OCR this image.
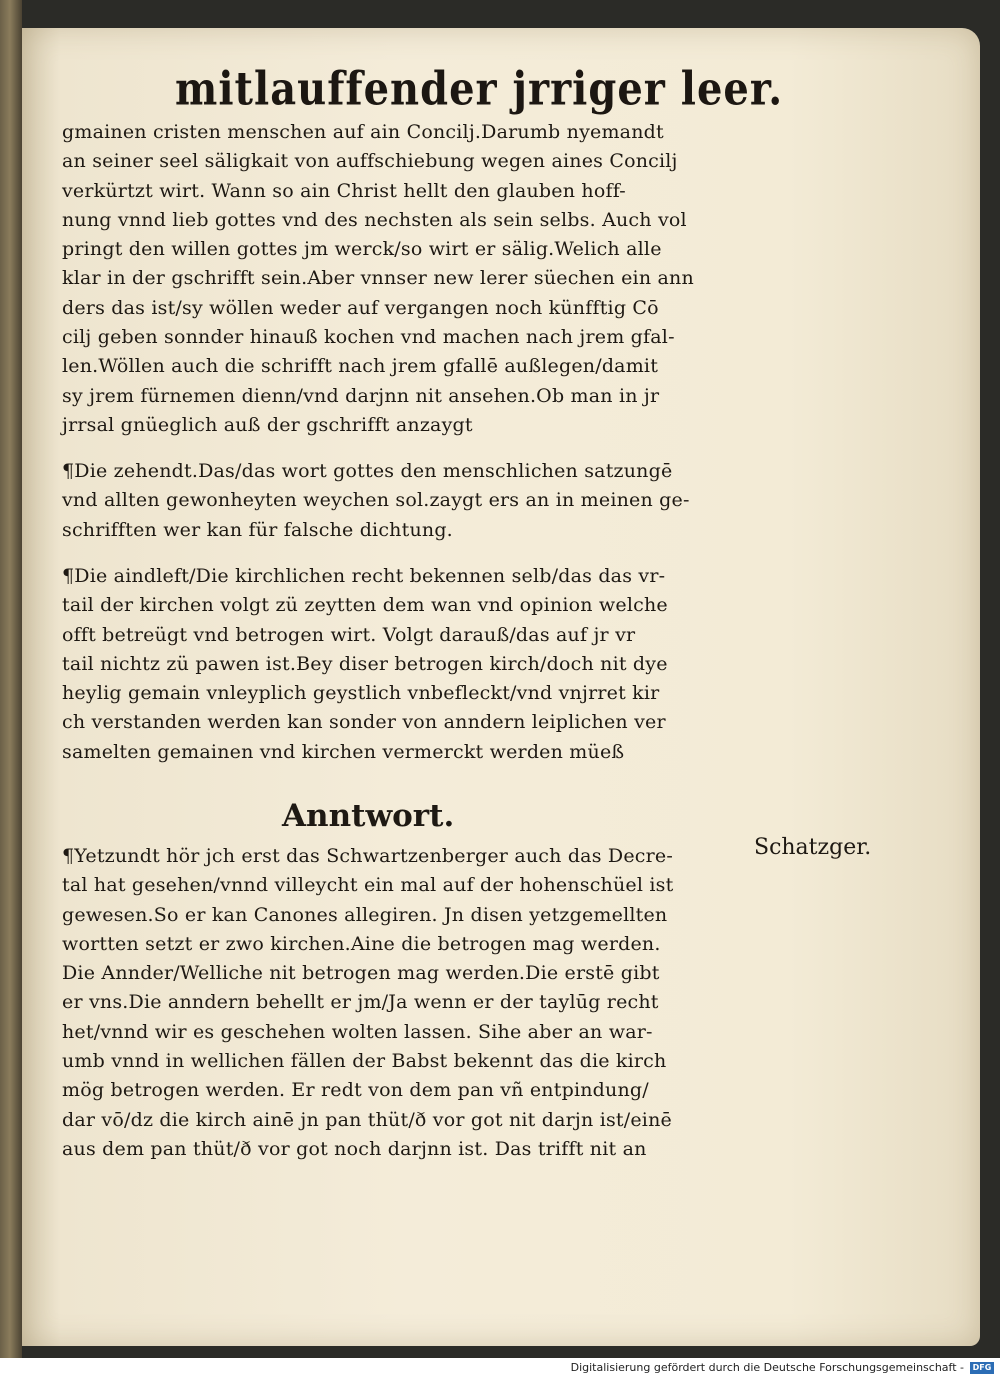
mitlauffender jrriger leer.
gmainen cristen menschen auf ain Concilj.Darumb nyemandt
an seiner seel säligkait von auffschiebung wegen aines Concilj
verkürtzt wirt. Wann so ain Christ hellt den glauben hoff-
nung vnnd lieb gottes vnd des nechsten als sein selbs. Auch vol
pringt den willen gottes jm werck/so wirt er sälig.Welich alle
klar in der gschrifft sein.Aber vnnser new lerer süechen ein ann
ders das ist/sy wöllen weder auf vergangen noch künfftig Cō
cilj geben sonnder hinauß kochen vnd machen nach jrem gfal-
len.Wöllen auch die schrifft nach jrem gfallē außlegen/damit
sy jrem fürnemen dienn/vnd darjnn nit ansehen.Ob man in jr
jrrsal gnüeglich auß der gschrifft anzaygt
¶Die zehendt.Das/das wort gottes den menschlichen satzungē
vnd allten gewonheyten weychen sol.zaygt ers an in meinen ge-
schrifften wer kan für falsche dichtung.
¶Die aindleft/Die kirchlichen recht bekennen selb/das das vr-
tail der kirchen volgt zü zeytten dem wan vnd opinion welche
offt betreügt vnd betrogen wirt. Volgt darauß/das auf jr vr
tail nichtz zü pawen ist.Bey diser betrogen kirch/doch nit dye
heylig gemain vnleyplich geystlich vnbefleckt/vnd vnjrret kir
ch verstanden werden kan sonder von anndern leiplichen ver
samelten gemainen vnd kirchen vermerckt werden müeß
Anntwort.
Schatzger.
¶Yetzundt hör jch erst das Schwartzenberger auch das Decre-
tal hat gesehen/vnnd villeycht ein mal auf der hohenschüel ist
gewesen.So er kan Canones allegiren. Jn disen yetzgemellten
wortten setzt er zwo kirchen.Aine die betrogen mag werden.
Die Annder/Welliche nit betrogen mag werden.Die erstē gibt
er vns.Die anndern behellt er jm/Ja wenn er der taylūg recht
het/vnnd wir es geschehen wolten lassen. Sihe aber an war-
umb vnnd in wellichen fällen der Babst bekennt das die kirch
mög betrogen werden. Er redt von dem pan vñ entpindung/
dar vō/dz die kirch ainē jn pan thüt/ð vor got nit darjn ist/einē
aus dem pan thüt/ð vor got noch darjnn ist. Das trifft nit an
Digitalisierung gefördert durch die Deutsche Forschungsgemeinschaft -	DFG
